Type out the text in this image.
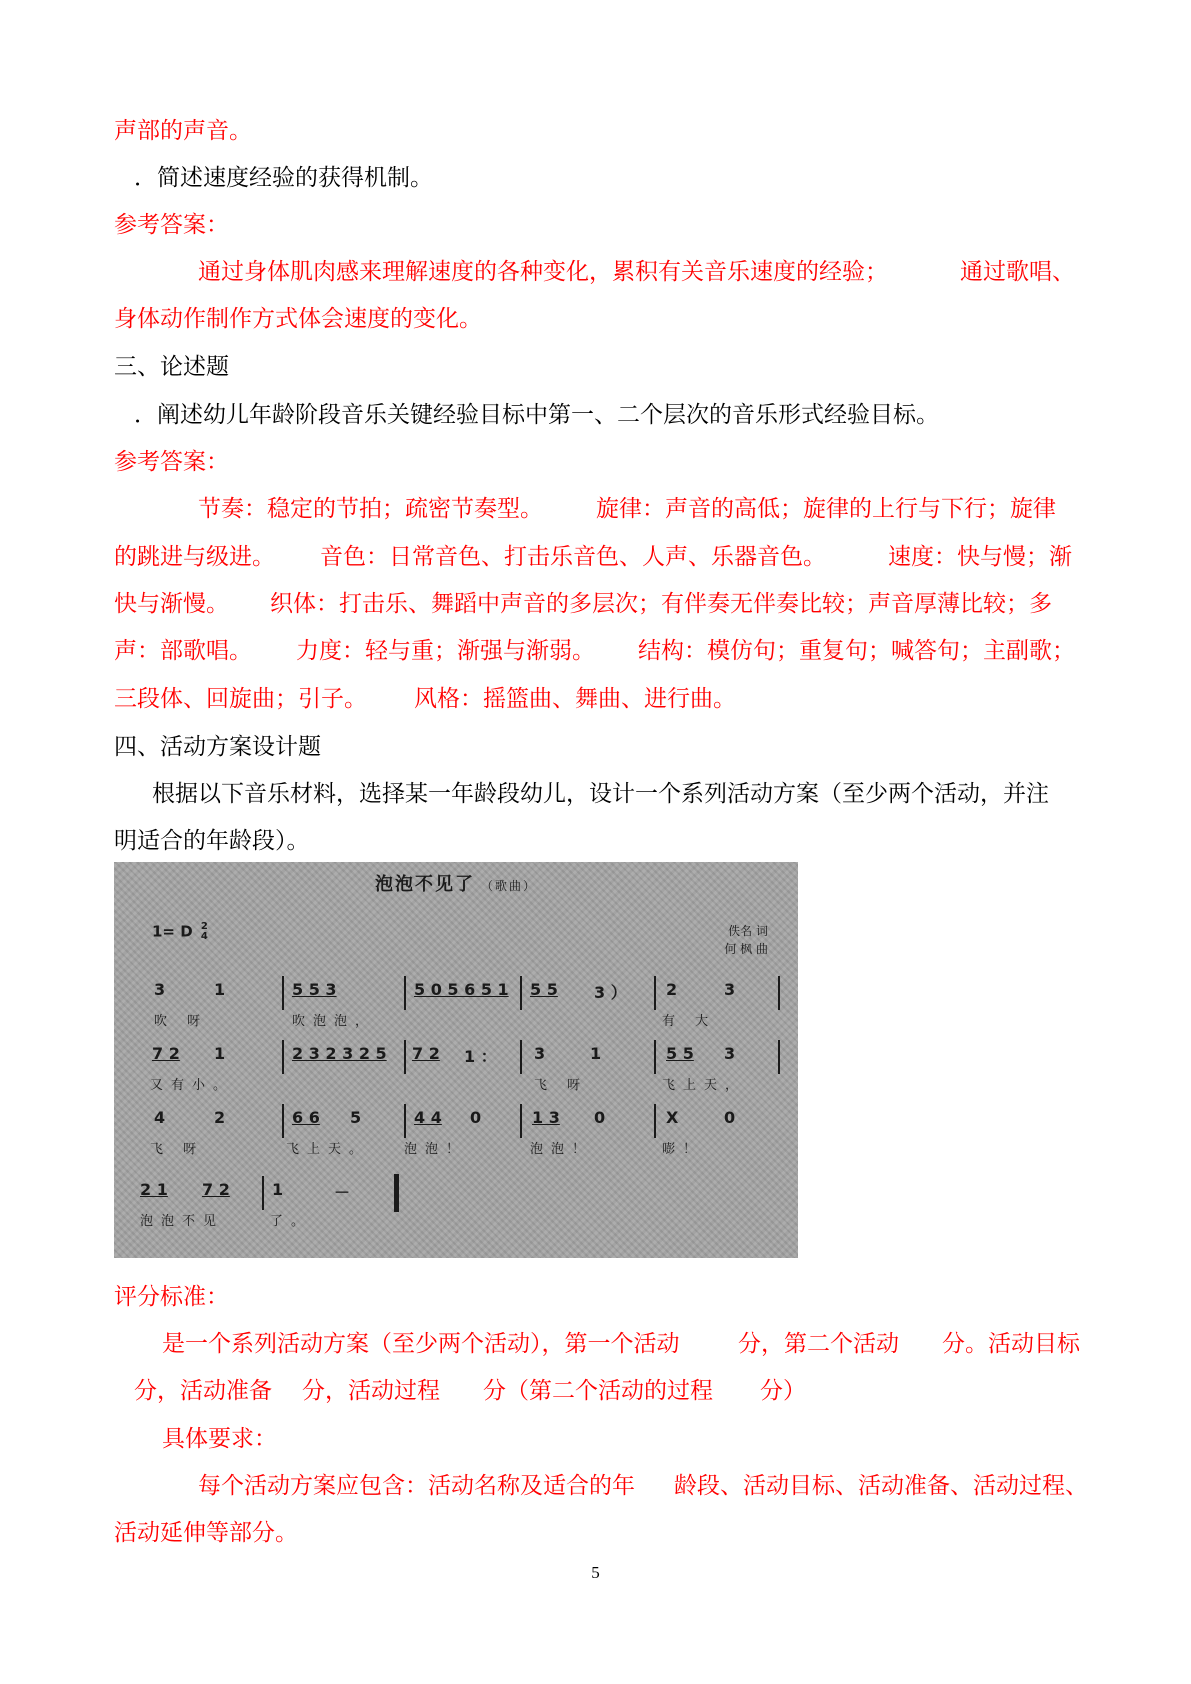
声部的声音。
．简述速度经验的获得机制。
参考答案：
通过身体肌肉感来理解速度的各种变化，累积有关音乐速度的经验；	通过歌唱、
身体动作制作方式体会速度的变化。
三、论述题
．阐述幼儿年龄阶段音乐关键经验目标中第一、二个层次的音乐形式经验目标。
参考答案：
节奏：稳定的节拍；疏密节奏型。 旋律：声音的高低；旋律的上行与下行；旋律
的跳进与级进。 音色：日常音色、打击乐音色、人声、乐器音色。	速度：快与慢；渐
快与渐慢。 织体：打击乐、舞蹈中声音的多层次；有伴奏无伴奏比较；声音厚薄比较；多
声：部歌唱。 力度：轻与重；渐强与渐弱。 结构：模仿句；重复句；喊答句；主副歌；
三段体、回旋曲；引子。 风格：摇篮曲、舞曲、进行曲。
四、活动方案设计题
根据以下音乐材料，选择某一年龄段幼儿，设计一个系列活动方案（至少两个活动，并注
明适合的年龄段）。
泡泡不见了 （歌曲）
1= D 2
4	佚名 词
何 枫 曲
3	1	5 5 3	5 0 5 6 5 1 5 5 3 ） 2	3
吹 呀	吹泡泡，	有 大
7 2 1	2 3 2 3 2 5 7 2 1 ： 3	1	5 5 3
又有小。	飞 呀	飞上天，
4	2	6 6 5	4 4 0	1 3 0	X	0
飞 呀	飞上天。	泡泡！	泡泡！	嘭！
2 1 7 2	1	－
泡泡不见	了。
评分标准：
是一个系列活动方案（至少两个活动），第一个活动	分，第二个活动 分。活动目标
分，活动准备 分，活动过程 分（第二个活动的过程 分）
具体要求：
每个活动方案应包含：活动名称及适合的年 龄段、活动目标、活动准备、活动过程、
活动延伸等部分。
5
